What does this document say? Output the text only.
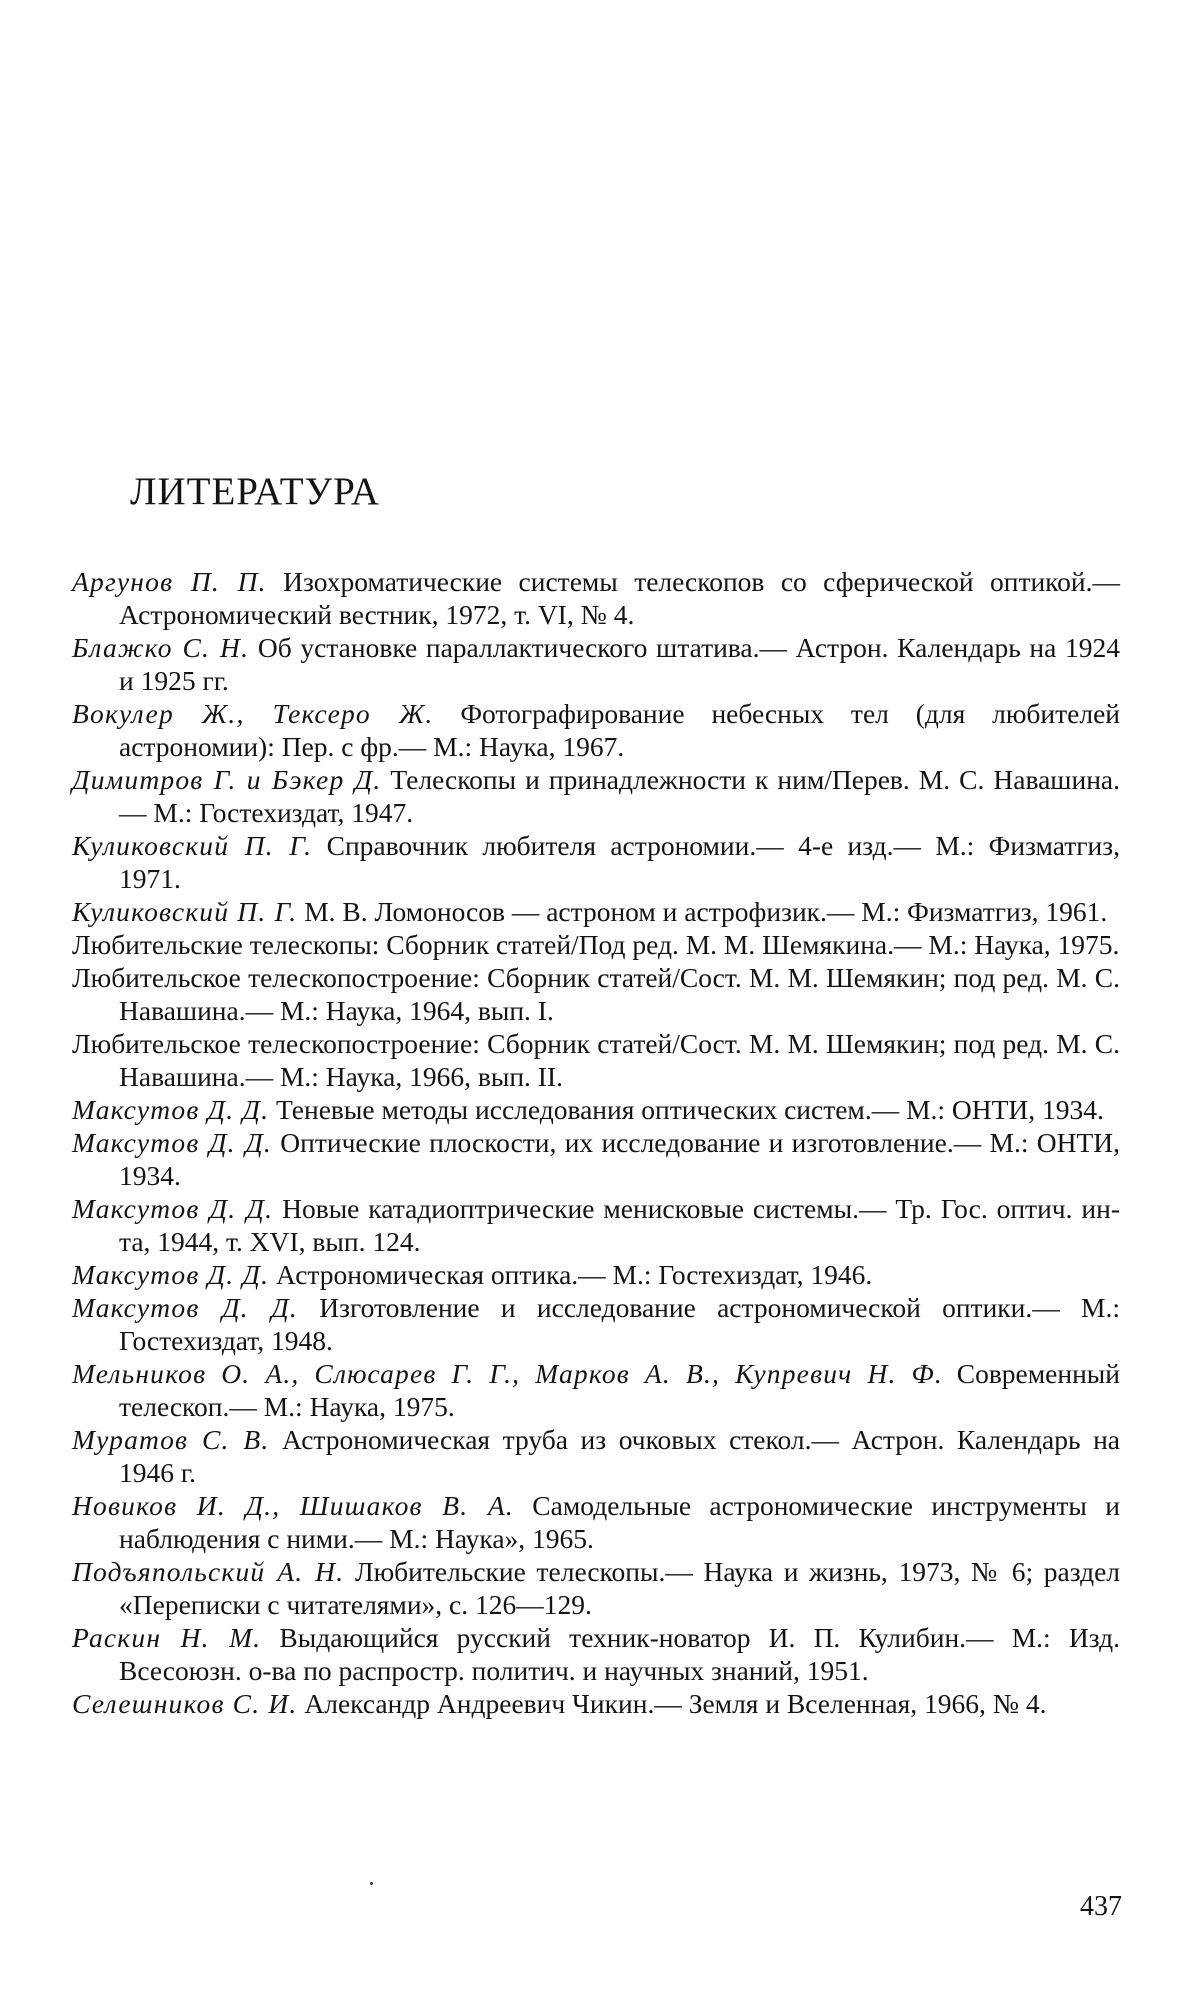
ЛИТЕРАТУРА
Аргунов П. П. Изохроматические системы телескопов со сферической оптикой.— Астрономический вестник, 1972, т. VI, № 4.
Блажко С. Н. Об установке параллактического штатива.— Астрон. Календарь на 1924 и 1925 гг.
Вокулер Ж., Тексеро Ж. Фотографирование небесных тел (для любителей астрономии): Пер. с фр.— М.: Наука, 1967.
Димитров Г. и Бэкер Д. Телескопы и принадлежности к ним/Перев. М. С. Навашина.— М.: Гостехиздат, 1947.
Куликовский П. Г. Справочник любителя астрономии.— 4-е изд.— М.: Физматгиз, 1971.
Куликовский П. Г. М. В. Ломоносов — астроном и астрофизик.— М.: Физматгиз, 1961.
Любительские телескопы: Сборник статей/Под ред. М. М. Шемякина.— М.: Наука, 1975.
Любительское телескопостроение: Сборник статей/Сост. М. М. Шемякин; под ред. М. С. Навашина.— М.: Наука, 1964, вып. I.
Любительское телескопостроение: Сборник статей/Сост. М. М. Шемякин; под ред. М. С. Навашина.— М.: Наука, 1966, вып. II.
Максутов Д. Д. Теневые методы исследования оптических систем.— М.: ОНТИ, 1934.
Максутов Д. Д. Оптические плоскости, их исследование и изготовление.— М.: ОНТИ, 1934.
Максутов Д. Д. Новые катадиоптрические менисковые системы.— Тр. Гос. оптич. ин-та, 1944, т. XVI, вып. 124.
Максутов Д. Д. Астрономическая оптика.— М.: Гостехиздат, 1946.
Максутов Д. Д. Изготовление и исследование астрономической оптики.— М.: Гостехиздат, 1948.
Мельников О. А., Слюсарев Г. Г., Марков А. В., Купревич Н. Ф. Современный телескоп.— М.: Наука, 1975.
Муратов С. В. Астрономическая труба из очковых стекол.— Астрон. Календарь на 1946 г.
Новиков И. Д., Шишаков В. А. Самодельные астрономические инструменты и наблюдения с ними.— М.: Наука», 1965.
Подъяпольский А. Н. Любительские телескопы.— Наука и жизнь, 1973, № 6; раздел «Переписки с читателями», с. 126—129.
Раскин Н. М. Выдающийся русский техник-новатор И. П. Кулибин.— М.: Изд. Всесоюзн. о-ва по распростр. политич. и научных знаний, 1951.
Селешников С. И. Александр Андреевич Чикин.— Земля и Вселенная, 1966, № 4.
437
